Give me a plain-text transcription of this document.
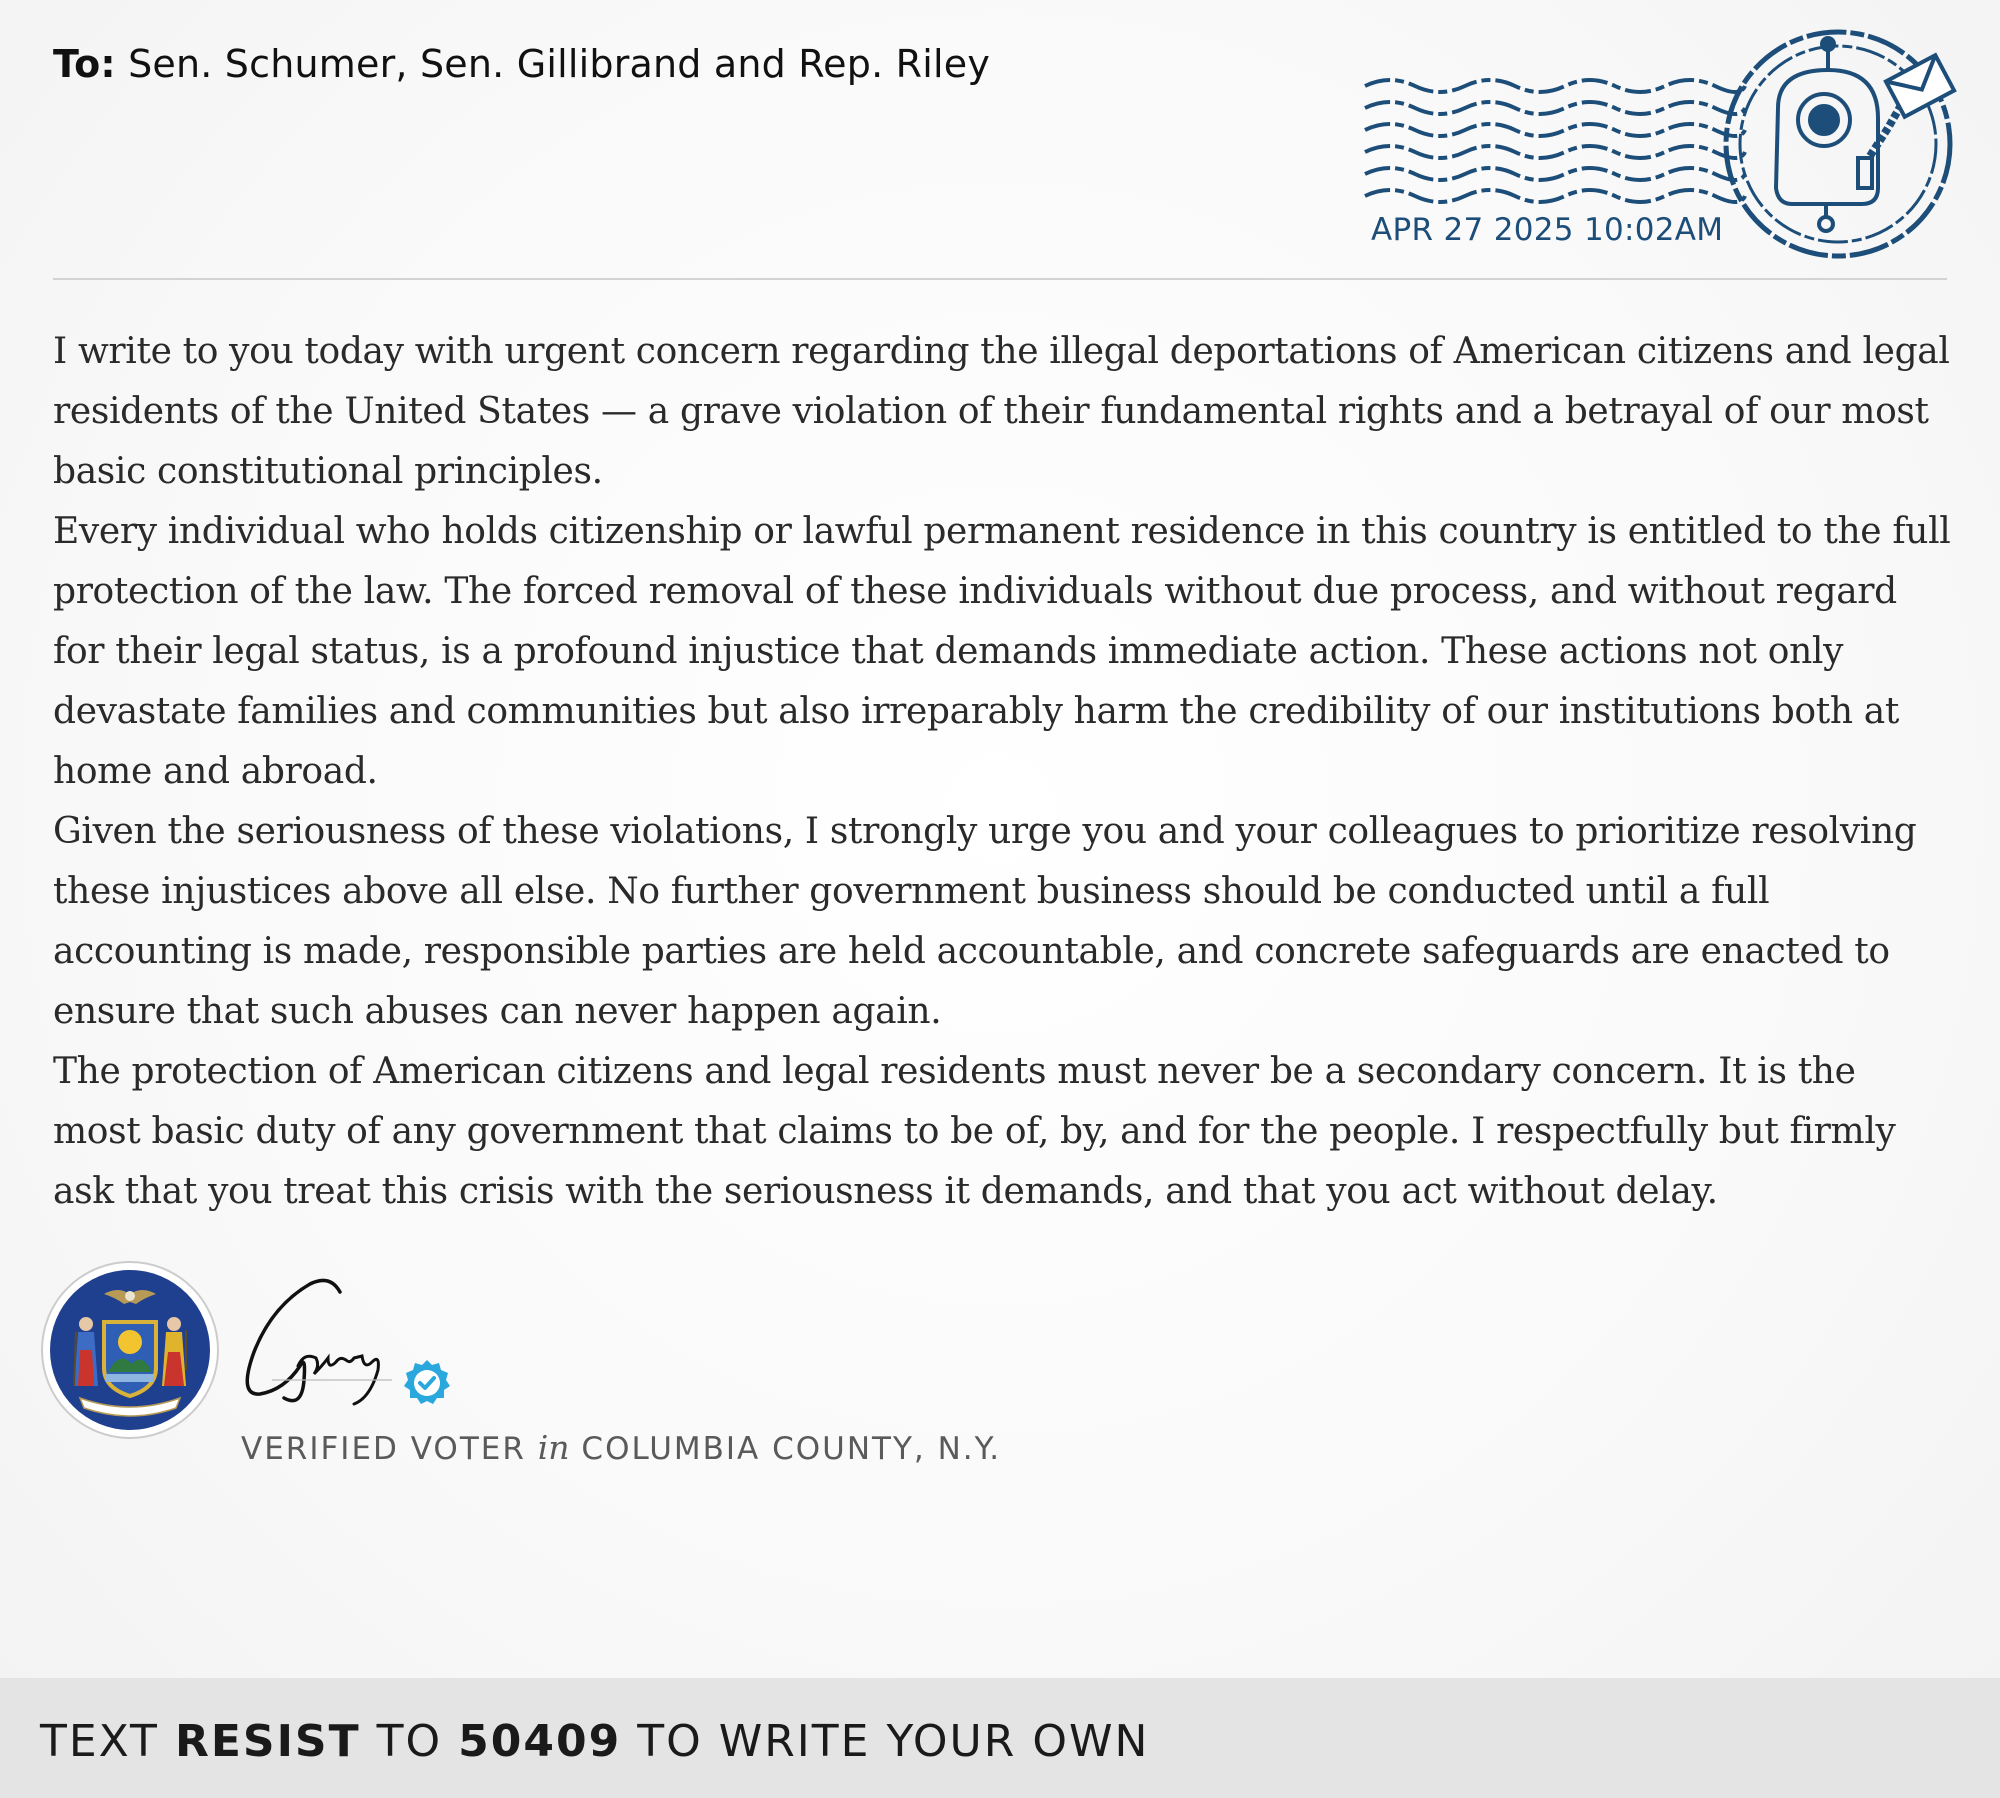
To: Sen. Schumer, Sen. Gillibrand and Rep. Riley
APR 27 2025 10:02AM

I write to you today with urgent concern regarding the illegal deportations of American citizens and legal residents of the United States — a grave violation of their fundamental rights and a betrayal of our most basic constitutional principles.

Every individual who holds citizenship or lawful permanent residence in this country is entitled to the full protection of the law. The forced removal of these individuals without due process, and without regard for their legal status, is a profound injustice that demands immediate action. These actions not only devastate families and communities but also irreparably harm the credibility of our institutions both at home and abroad.

Given the seriousness of these violations, I strongly urge you and your colleagues to prioritize resolving these injustices above all else. No further government business should be conducted until a full accounting is made, responsible parties are held accountable, and concrete safeguards are enacted to ensure that such abuses can never happen again.

The protection of American citizens and legal residents must never be a secondary concern. It is the most basic duty of any government that claims to be of, by, and for the people. I respectfully but firmly ask that you treat this crisis with the seriousness it demands, and that you act without delay.

VERIFIED VOTER in COLUMBIA COUNTY, N.Y.
TEXT RESIST TO 50409 TO WRITE YOUR OWN
